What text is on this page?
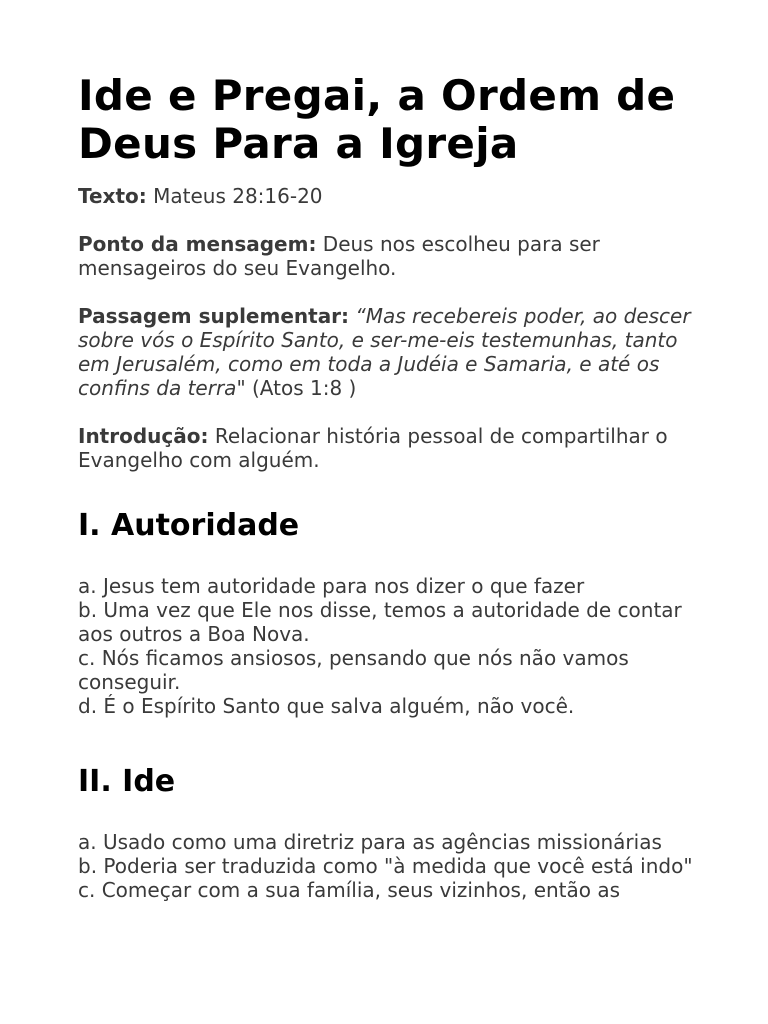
Ide e Pregai, a Ordem de Deus Para a Igreja

Texto: Mateus 28:16-20

Ponto da mensagem: Deus nos escolheu para ser mensageiros do seu Evangelho.

Passagem suplementar: “Mas recebereis poder, ao descer sobre vós o Espírito Santo, e ser-me-eis testemunhas, tanto em Jerusalém, como em toda a Judéia e Samaria, e até os confins da terra" (Atos 1:8 )

Introdução: Relacionar história pessoal de compartilhar o Evangelho com alguém.

I. Autoridade
a. Jesus tem autoridade para nos dizer o que fazer
b. Uma vez que Ele nos disse, temos a autoridade de contar aos outros a Boa Nova.
c. Nós ficamos ansiosos, pensando que nós não vamos conseguir.
d. É o Espírito Santo que salva alguém, não você.
II. Ide
a. Usado como uma diretriz para as agências missionárias
b. Poderia ser traduzida como "à medida que você está indo"
c. Começar com a sua família, seus vizinhos, então as
